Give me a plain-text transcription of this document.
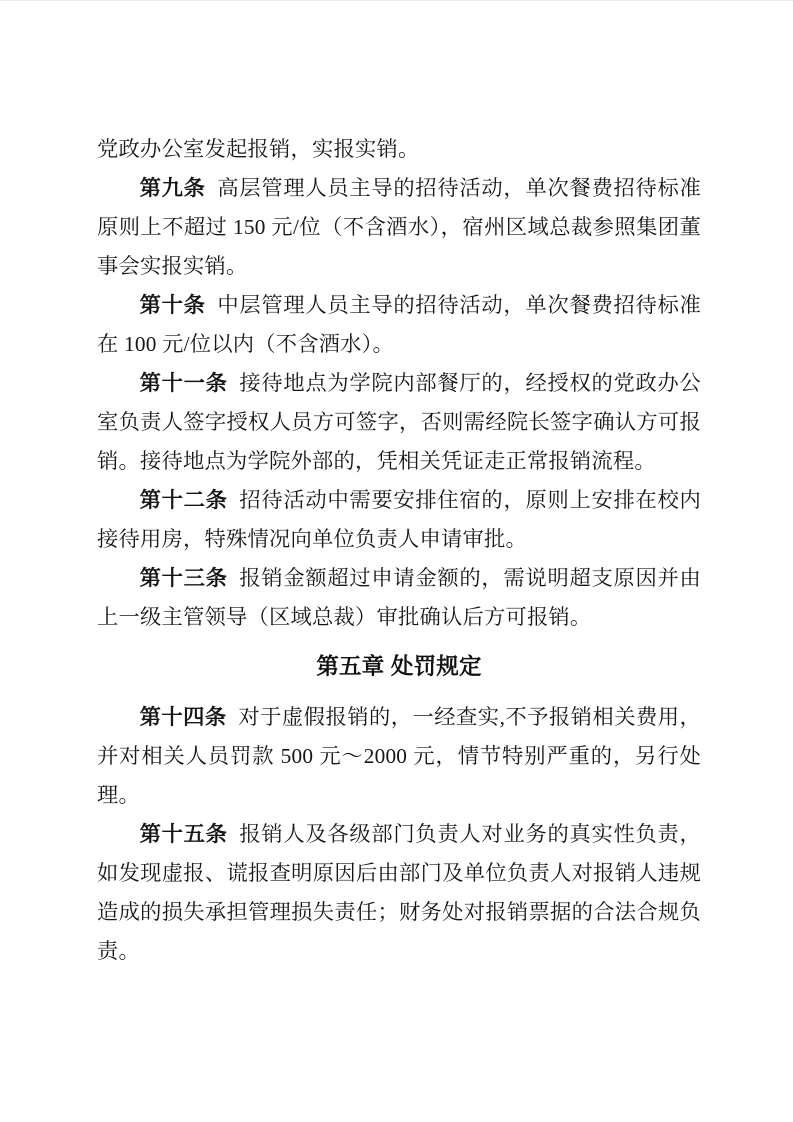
党政办公室发起报销，实报实销。

第九条 高层管理人员主导的招待活动，单次餐费招待标准原则上不超过 150 元/位（不含酒水），宿州区域总裁参照集团董事会实报实销。

第十条 中层管理人员主导的招待活动，单次餐费招待标准在 100 元/位以内（不含酒水）。

第十一条 接待地点为学院内部餐厅的，经授权的党政办公室负责人签字授权人员方可签字，否则需经院长签字确认方可报销。接待地点为学院外部的，凭相关凭证走正常报销流程。

第十二条 招待活动中需要安排住宿的，原则上安排在校内接待用房，特殊情况向单位负责人申请审批。

第十三条 报销金额超过申请金额的，需说明超支原因并由上一级主管领导（区域总裁）审批确认后方可报销。

第五章 处罚规定

第十四条 对于虚假报销的，一经查实,不予报销相关费用，并对相关人员罚款 500 元～2000 元，情节特别严重的，另行处理。

第十五条 报销人及各级部门负责人对业务的真实性负责，如发现虚报、谎报查明原因后由部门及单位负责人对报销人违规造成的损失承担管理损失责任；财务处对报销票据的合法合规负责。
